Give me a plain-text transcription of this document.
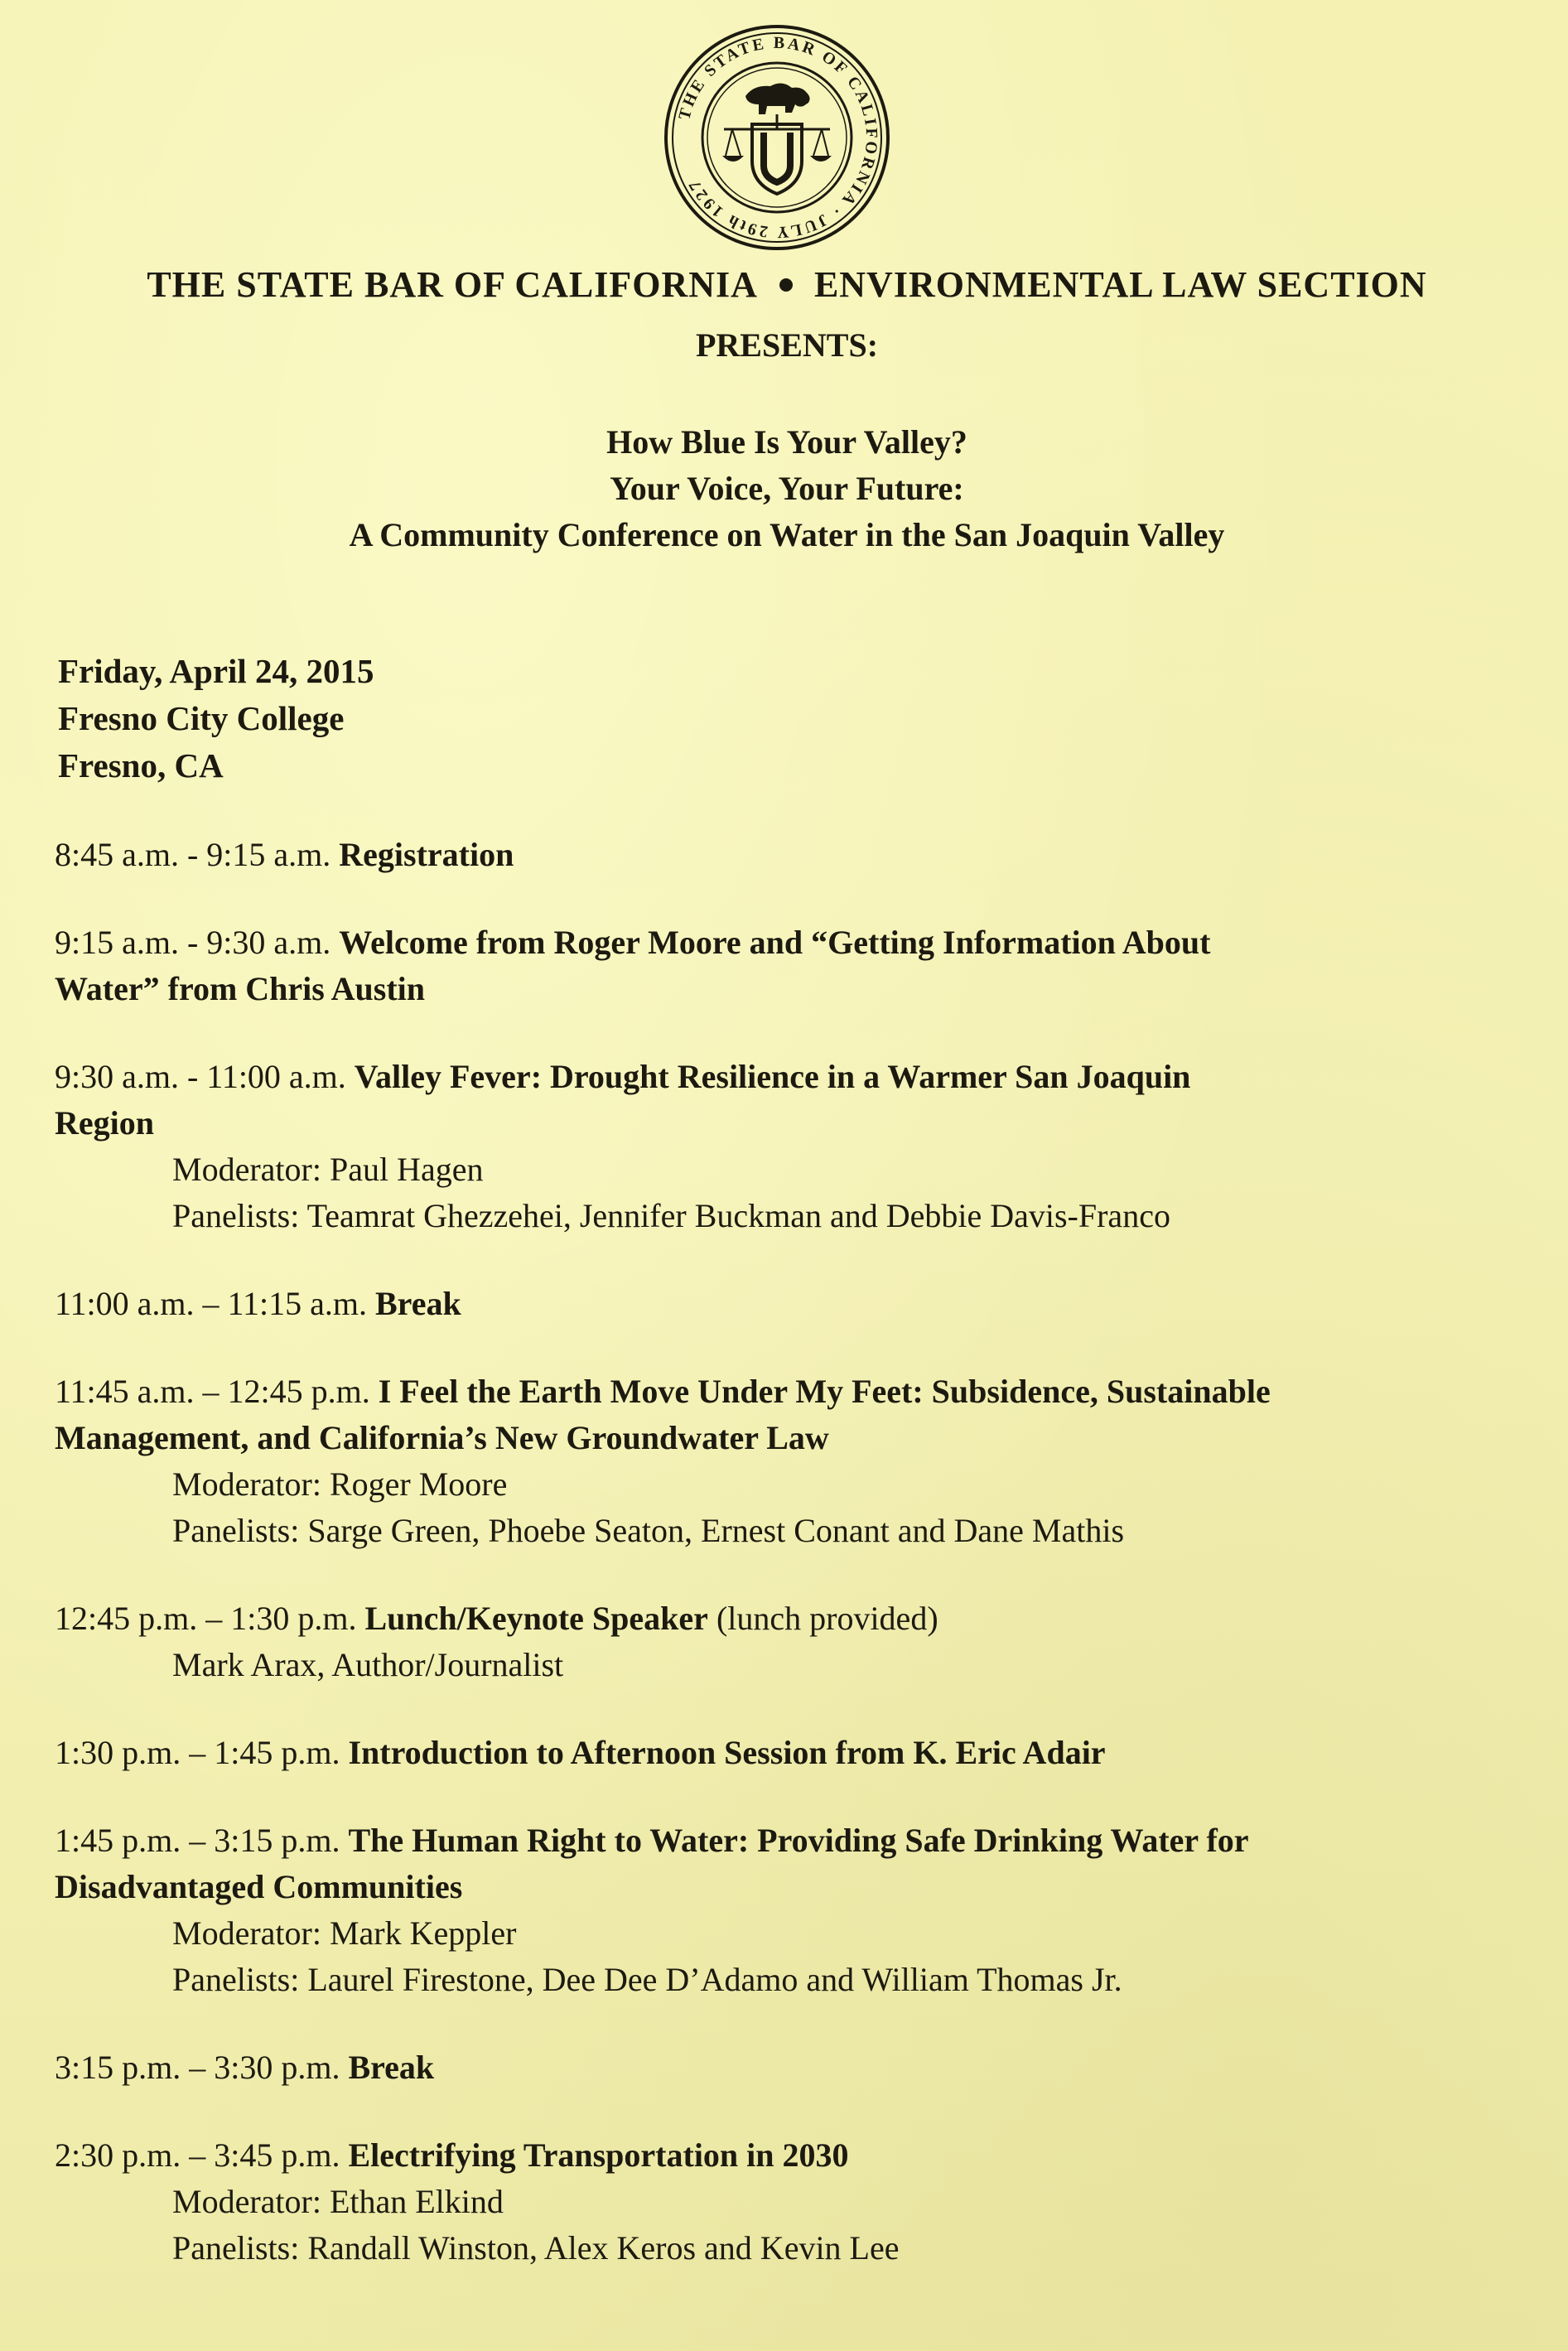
THE STATE BAR OF CALIFORNIA · JULY 29th 1927
THE STATE BAR OF CALIFORNIA ENVIRONMENTAL LAW SECTION
PRESENTS:
How Blue Is Your Valley?
Your Voice, Your Future:
A Community Conference on Water in the San Joaquin Valley
Friday, April 24, 2015
Fresno City College
Fresno, CA
8:45 a.m. - 9:15 a.m. Registration
9:15 a.m. - 9:30 a.m. Welcome from Roger Moore and “Getting Information About
Water” from Chris Austin
9:30 a.m. - 11:00 a.m. Valley Fever: Drought Resilience in a Warmer San Joaquin
Region
Moderator: Paul Hagen
Panelists: Teamrat Ghezzehei, Jennifer Buckman and Debbie Davis-Franco
11:00 a.m. – 11:15 a.m. Break
11:45 a.m. – 12:45 p.m. I Feel the Earth Move Under My Feet: Subsidence, Sustainable
Management, and California’s New Groundwater Law
Moderator: Roger Moore
Panelists: Sarge Green, Phoebe Seaton, Ernest Conant and Dane Mathis
12:45 p.m. – 1:30 p.m. Lunch/Keynote Speaker (lunch provided)
Mark Arax, Author/Journalist
1:30 p.m. – 1:45 p.m. Introduction to Afternoon Session from K. Eric Adair
1:45 p.m. – 3:15 p.m. The Human Right to Water: Providing Safe Drinking Water for
Disadvantaged Communities
Moderator: Mark Keppler
Panelists: Laurel Firestone, Dee Dee D’Adamo and William Thomas Jr.
3:15 p.m. – 3:30 p.m. Break
2:30 p.m. – 3:45 p.m. Electrifying Transportation in 2030
Moderator: Ethan Elkind
Panelists: Randall Winston, Alex Keros and Kevin Lee
